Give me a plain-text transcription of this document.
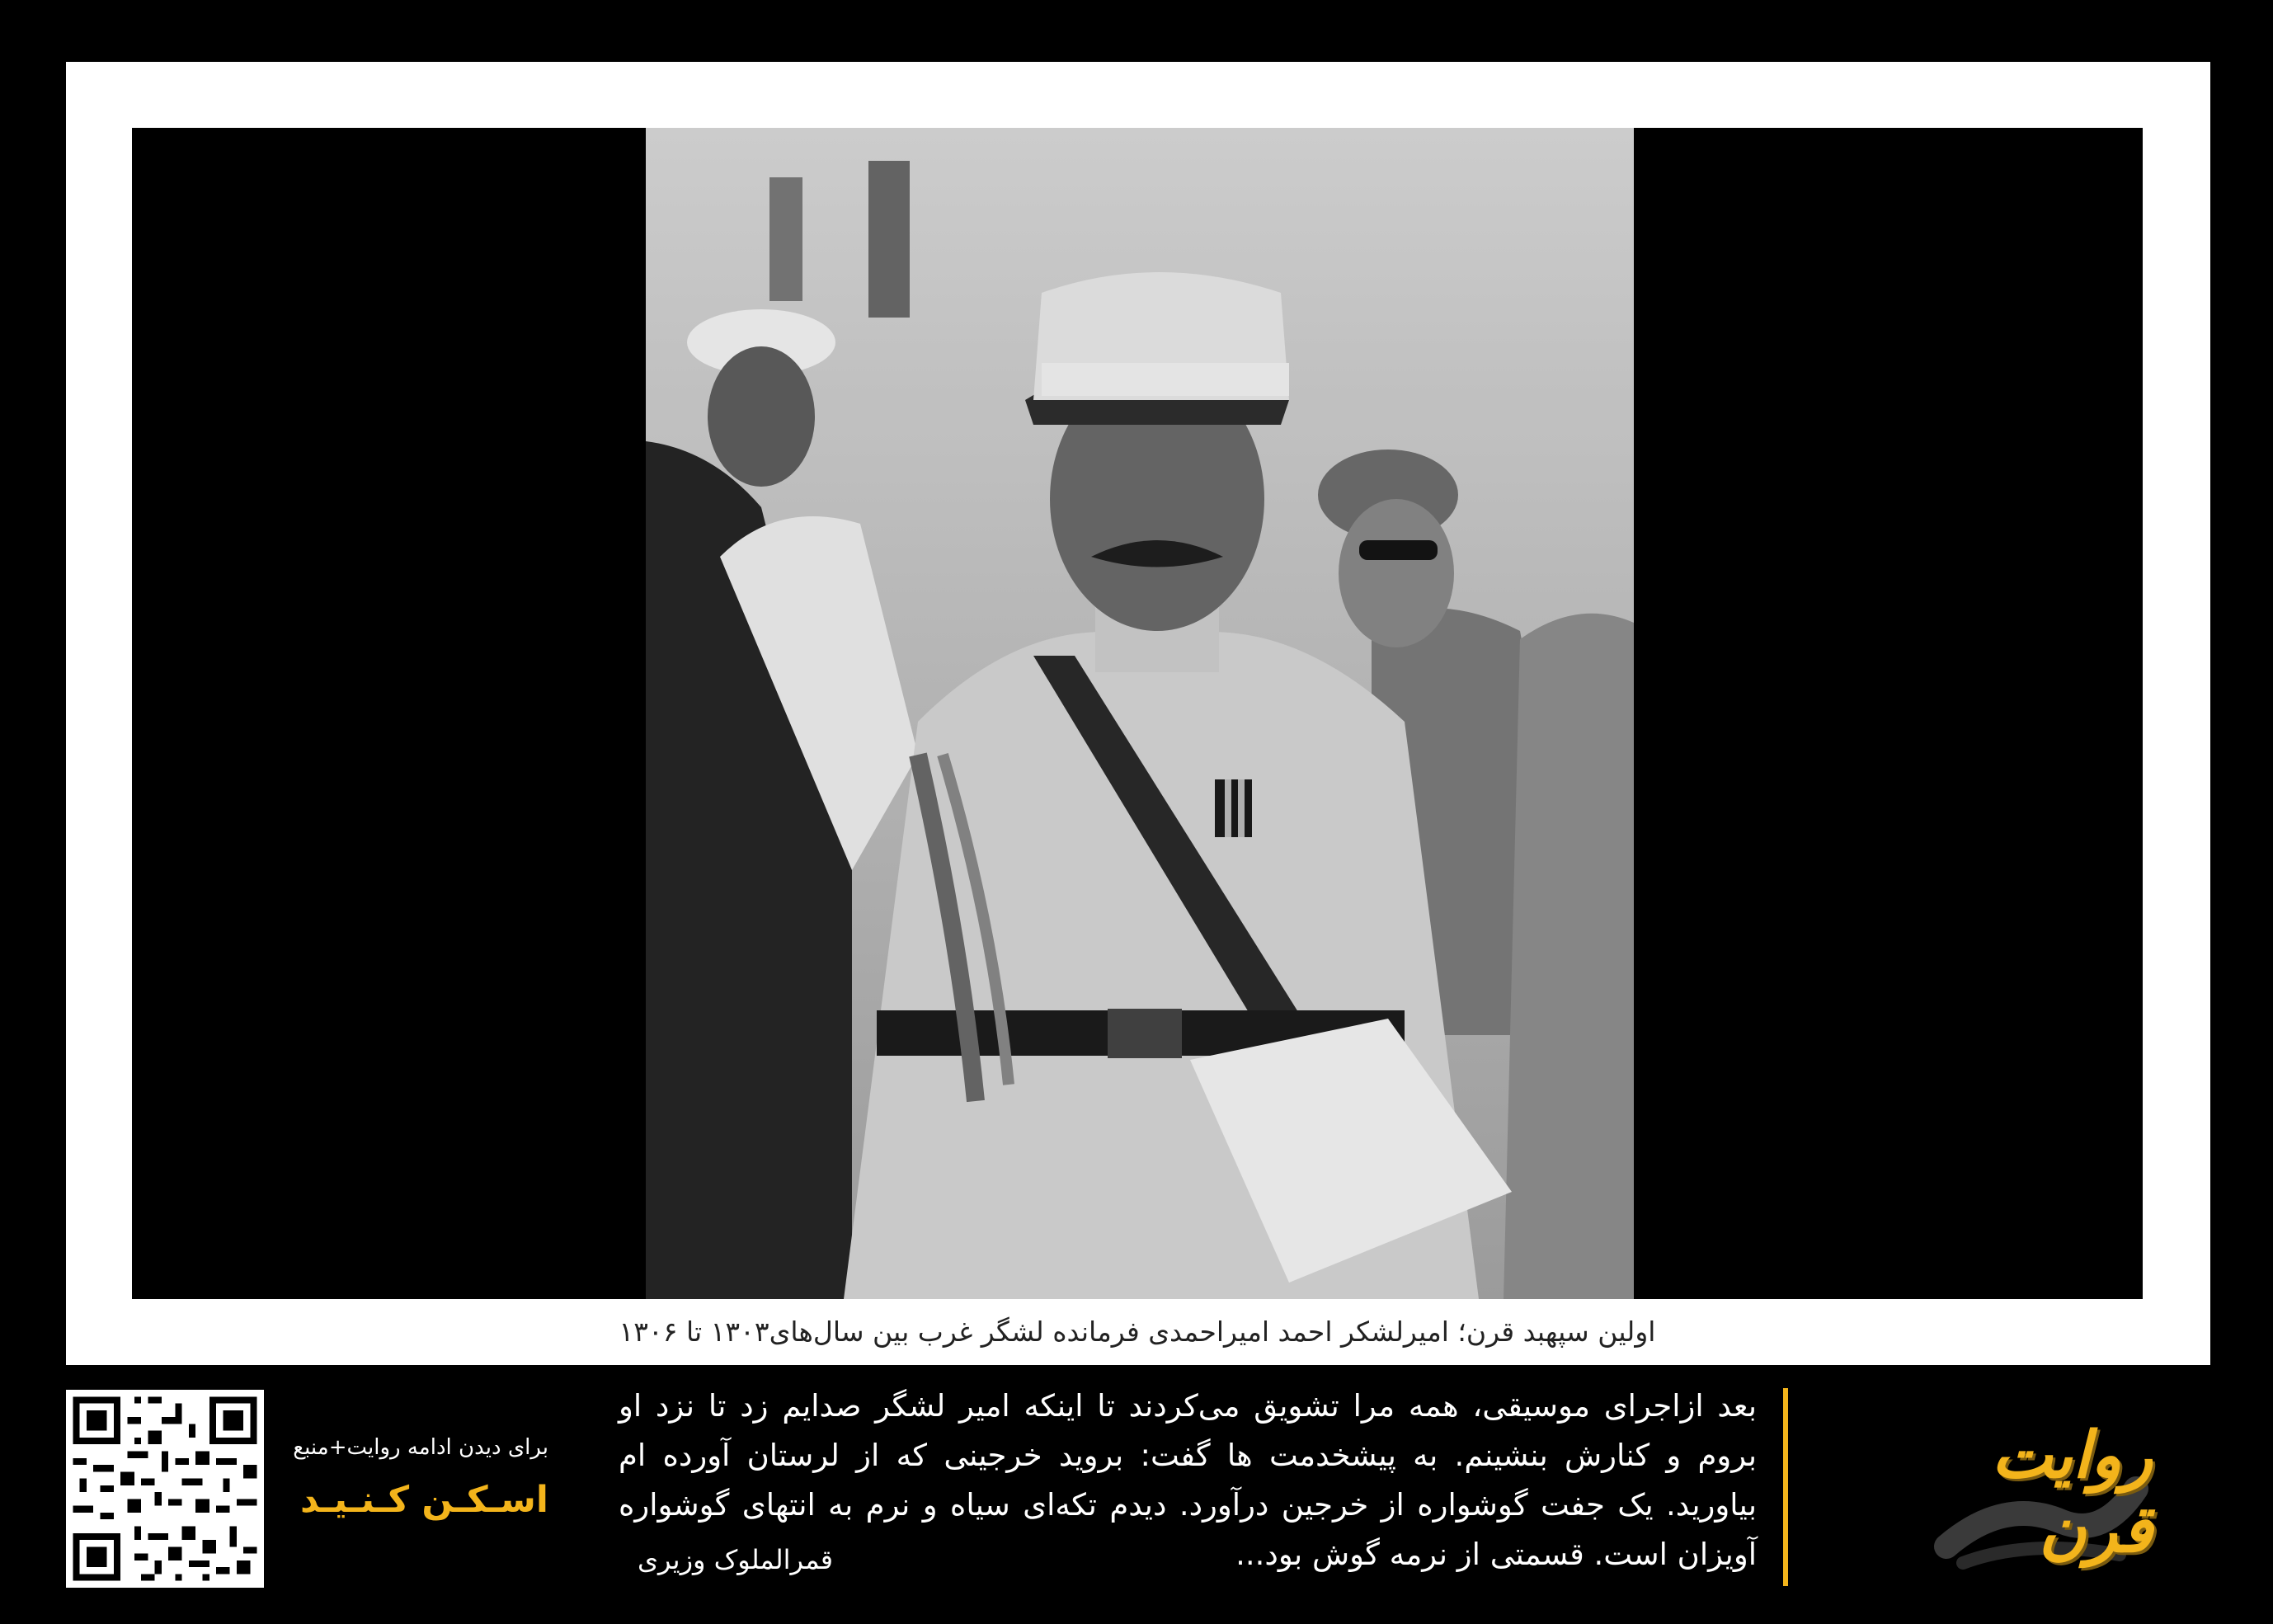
اولین سپهبد قرن؛ امیرلشکر احمد امیراحمدی فرمانده لشگر غرب بین سال‌های۱۳۰۳ تا ۱۳۰۶
برای دیدن ادامه روایت+منبع
اسـکـن کـنـیـد
بعد ازاجرای موسیقی، همه مرا تشویق می‌کردند تا اینکه امیر لشگر صدایم زد تا نزد او بروم و کنارش بنشینم. به پیشخدمت ها گفت: بروید خرجینی که از لرستان آورده ام بیاورید. یک جفت گوشواره از خرجین درآورد. دیدم تکه‌ای سیاه و نرم به انتهای گوشواره آویزان است. قسمتی از نرمه گوش بود...
قمرالملوک وزیری
روایت قرن
